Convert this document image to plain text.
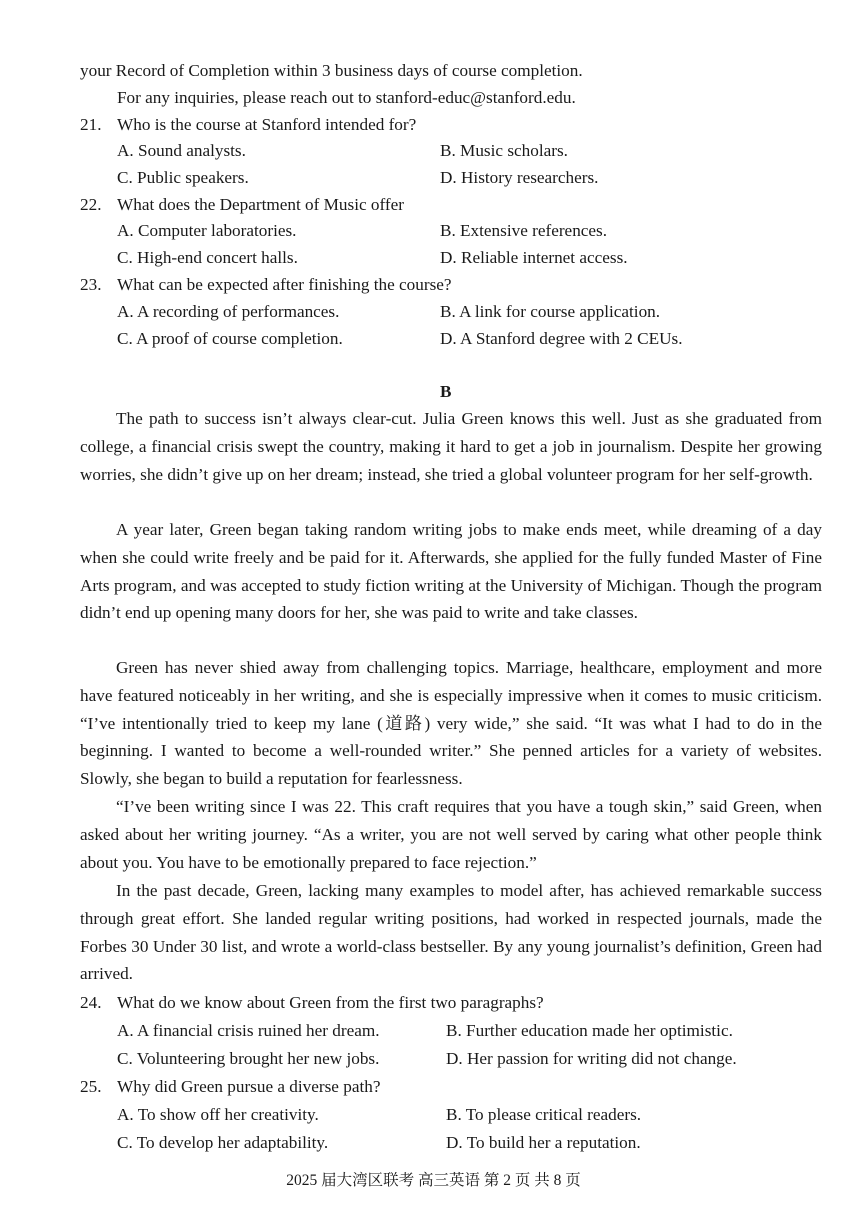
your Record of Completion within 3 business days of course completion.
For any inquiries, please reach out to stanford-educ@stanford.edu.
21. Who is the course at Stanford intended for?
A. Sound analysts.	B. Music scholars.
C. Public speakers.	D. History researchers.
22. What does the Department of Music offer
A. Computer laboratories.	B. Extensive references.
C. High-end concert halls.	D. Reliable internet access.
23. What can be expected after finishing the course?
A. A recording of performances.	B. A link for course application.
C. A proof of course completion.	D. A Stanford degree with 2 CEUs.
B
The path to success isn’t always clear-cut. Julia Green knows this well. Just as she graduated from college, a financial crisis swept the country, making it hard to get a job in journalism. Despite her growing worries, she didn’t give up on her dream; instead, she tried a global volunteer program for her self-growth.
A year later, Green began taking random writing jobs to make ends meet, while dreaming of a day when she could write freely and be paid for it. Afterwards, she applied for the fully funded Master of Fine Arts program, and was accepted to study fiction writing at the University of Michigan. Though the program didn’t end up opening many doors for her, she was paid to write and take classes.
Green has never shied away from challenging topics. Marriage, healthcare, employment and more have featured noticeably in her writing, and she is especially impressive when it comes to music criticism. “I’ve intentionally tried to keep my lane (道路) very wide,” she said. “It was what I had to do in the beginning. I wanted to become a well-rounded writer.” She penned articles for a variety of websites. Slowly, she began to build a reputation for fearlessness.
“I’ve been writing since I was 22. This craft requires that you have a tough skin,” said Green, when asked about her writing journey. “As a writer, you are not well served by caring what other people think about you. You have to be emotionally prepared to face rejection.”
In the past decade, Green, lacking many examples to model after, has achieved remarkable success through great effort. She landed regular writing positions, had worked in respected journals, made the Forbes 30 Under 30 list, and wrote a world-class bestseller. By any young journalist’s definition, Green had arrived.
24. What do we know about Green from the first two paragraphs?
A. A financial crisis ruined her dream.	B. Further education made her optimistic.
C. Volunteering brought her new jobs.	D. Her passion for writing did not change.
25. Why did Green pursue a diverse path?
A. To show off her creativity.	B. To please critical readers.
C. To develop her adaptability.	D. To build her a reputation.
2025 届大湾区联考 高三英语 第 2 页 共 8 页
